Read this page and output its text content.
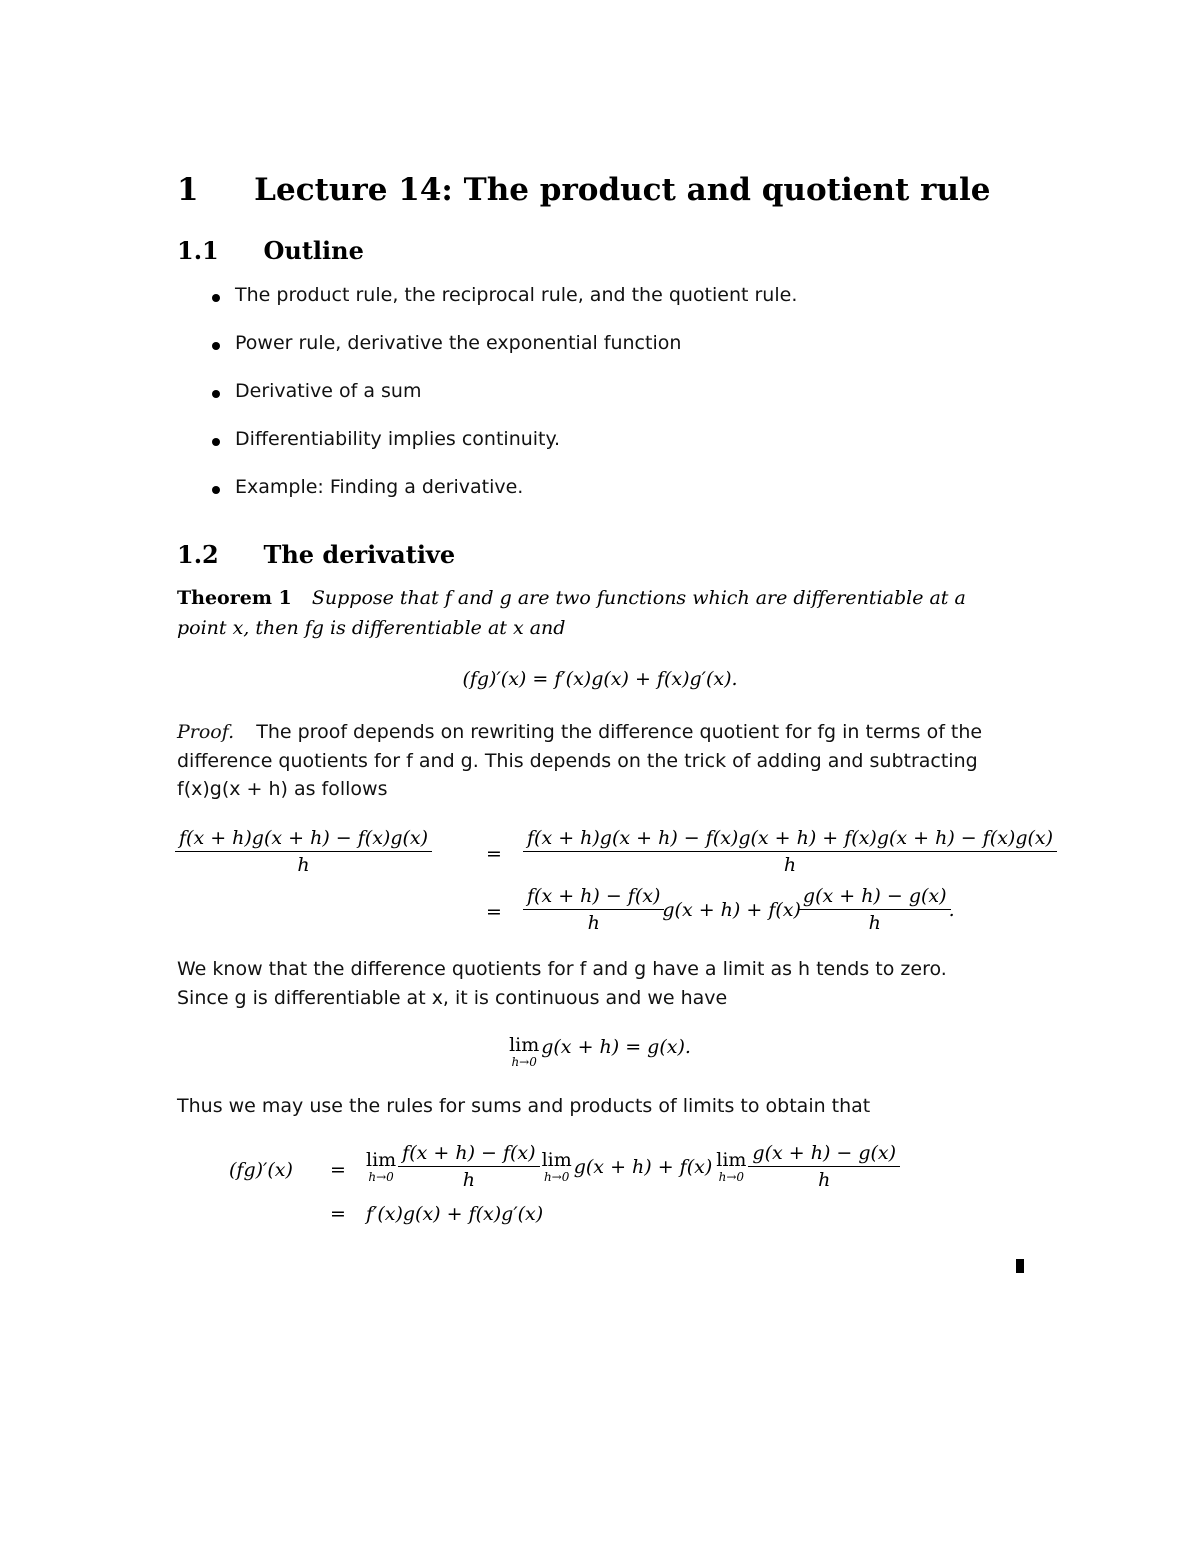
1 Lecture 14: The product and quotient rule
1.1 Outline
The product rule, the reciprocal rule, and the quotient rule.
Power rule, derivative the exponential function
Derivative of a sum
Differentiability implies continuity.
Example: Finding a derivative.
1.2 The derivative
Theorem 1 Suppose that f and g are two functions which are differentiable at a
point x, then fg is differentiable at x and
(fg)′(x) = f′(x)g(x) + f(x)g′(x).
Proof. The proof depends on rewriting the difference quotient for fg in terms of the
difference quotients for f and g. This depends on the trick of adding and subtracting
f(x)g(x + h) as follows
$\frac{f(x + h)g(x + h) - f(x)g(x)}{h}$	= $\frac{f(x + h)g(x + h) - f(x)g(x + h) + f(x)g(x + h) - f(x)g(x)}{h}$
= $\frac{f(x + h) - f(x)}{h} g(x + h) + f(x) \frac{g(x + h) - g(x)}{h}$ .
We know that the difference quotients for f and g have a limit as h tends to zero.
Since g is differentiable at x, it is continuous and we have
lim
h→0
g(x + h) = g(x).
Thus we may use the rules for sums and products of limits to obtain that
(fg)′(x) = lim
$h\to 0 \frac{f(x + h) - f(x)}{h}$ lim
h→0 g(x + h) + f(x) lim
$h\to 0 \frac{g(x + h) - g(x)}{h}$
= f′(x)g(x) + f(x)g′(x)
